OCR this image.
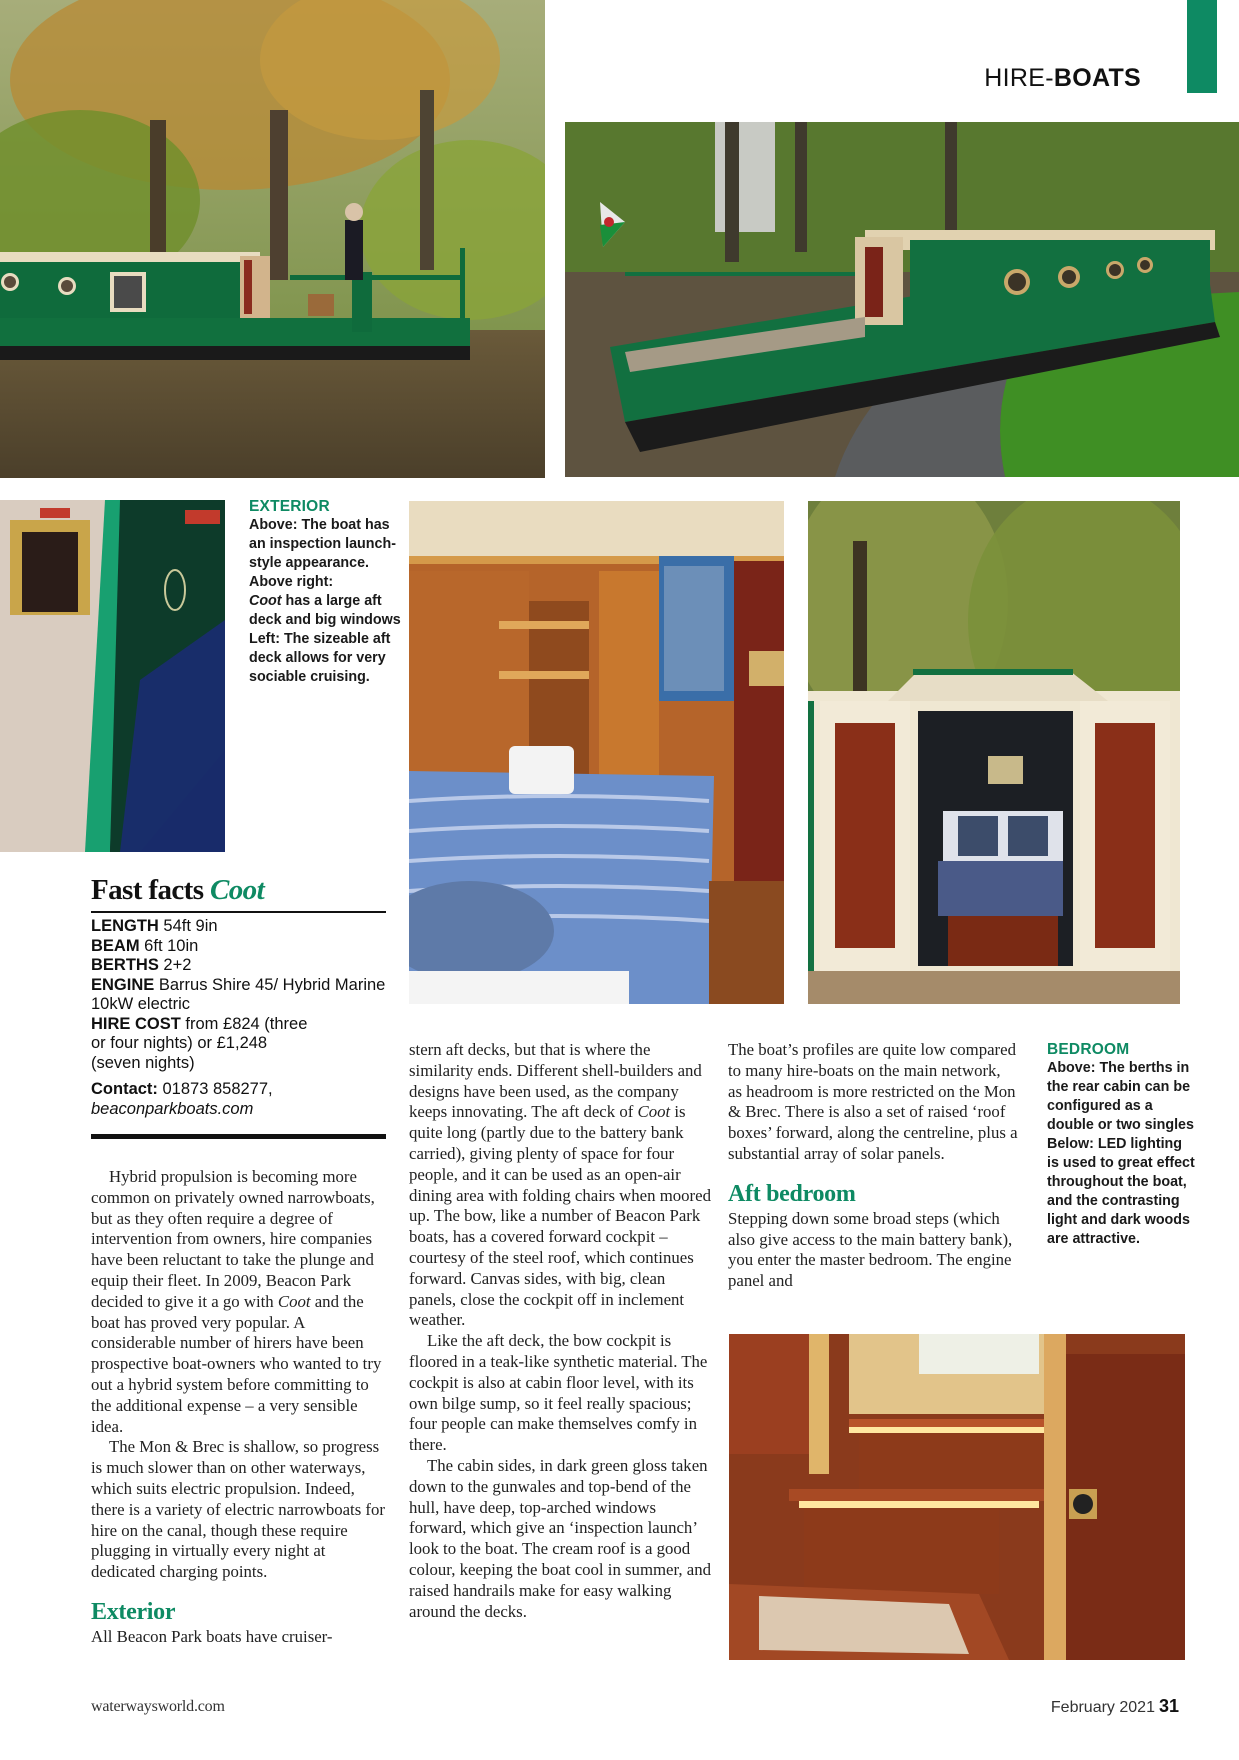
HIRE-BOATS
EXTERIOR
Above: The boat has an inspection launch-style appearance.
Above right:
Coot has a large aft deck and big windows
Left: The sizeable aft deck allows for very sociable cruising.
Fast facts Coot
LENGTH 54ft 9in
BEAM 6ft 10in
BERTHS 2+2
ENGINE Barrus Shire 45/ Hybrid Marine 10kW electric
HIRE COST from £824 (three or four nights) or £1,248 (seven nights)
Contact: 01873 858277,
beaconparkboats.com

Hybrid propulsion is becoming more common on privately owned narrowboats, but as they often require a degree of intervention from owners, hire companies have been reluctant to take the plunge and equip their fleet. In 2009, Beacon Park decided to give it a go with Coot and the boat has proved very popular. A considerable number of hirers have been prospective boat-owners who wanted to try out a hybrid system before committing to the additional expense – a very sensible idea.

The Mon & Brec is shallow, so progress is much slower than on other waterways, which suits electric propulsion. Indeed, there is a variety of electric narrowboats for hire on the canal, though these require plugging in virtually every night at dedicated charging points.

Exterior

All Beacon Park boats have cruiser-

stern aft decks, but that is where the similarity ends. Different shell-builders and designs have been used, as the company keeps innovating. The aft deck of Coot is quite long (partly due to the battery bank carried), giving plenty of space for four people, and it can be used as an open-air dining area with folding chairs when moored up. The bow, like a number of Beacon Park boats, has a covered forward cockpit – courtesy of the steel roof, which continues forward. Canvas sides, with big, clean panels, close the cockpit off in inclement weather.

Like the aft deck, the bow cockpit is floored in a teak-like synthetic material. The cockpit is also at cabin floor level, with its own bilge sump, so it feel really spacious; four people can make themselves comfy in there.

The cabin sides, in dark green gloss taken down to the gunwales and top-bend of the hull, have deep, top-arched windows forward, which give an ‘inspection launch’ look to the boat. The cream roof is a good colour, keeping the boat cool in summer, and raised handrails make for easy walking around the decks.

The boat’s profiles are quite low compared to many hire-boats on the main network, as headroom is more restricted on the Mon & Brec. There is also a set of raised ‘roof boxes’ forward, along the centreline, plus a substantial array of solar panels.

Aft bedroom

Stepping down some broad steps (which also give access to the main battery bank), you enter the master bedroom. The engine panel and

BEDROOM
Above: The berths in the rear cabin can be configured as a double or two singles
Below: LED lighting is used to great effect throughout the boat, and the contrasting light and dark woods are attractive.
waterwaysworld.com	February 2021 31
